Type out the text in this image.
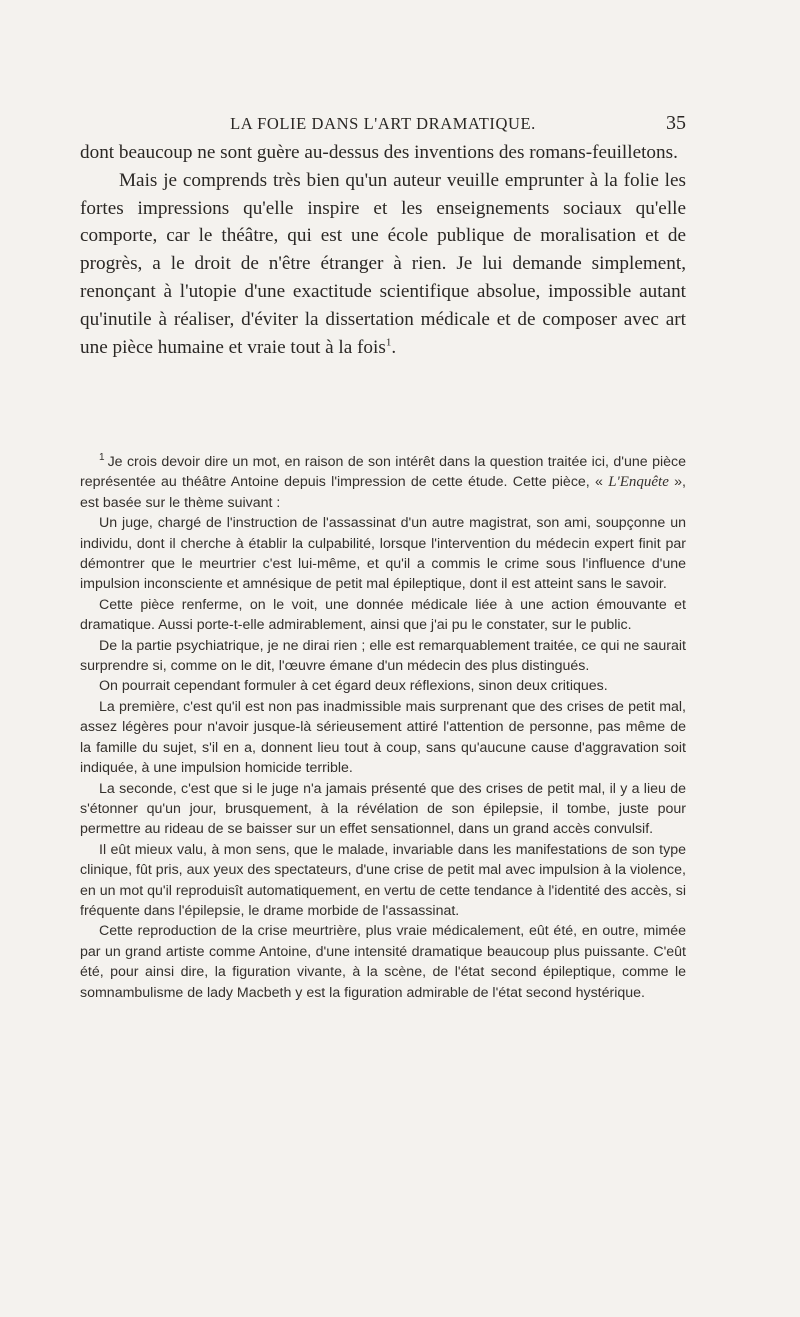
LA FOLIE DANS L'ART DRAMATIQUE.	35

dont beaucoup ne sont guère au-dessus des inventions des romans-feuilletons.

Mais je comprends très bien qu'un auteur veuille emprunter à la folie les fortes impressions qu'elle inspire et les enseignements sociaux qu'elle comporte, car le théâtre, qui est une école publique de moralisation et de progrès, a le droit de n'être étranger à rien. Je lui demande simplement, renonçant à l'utopie d'une exactitude scientifique absolue, impossible autant qu'inutile à réaliser, d'éviter la dissertation médicale et de composer avec art une pièce humaine et vraie tout à la fois$^1$.

$^1$ Je crois devoir dire un mot, en raison de son intérêt dans la question traitée ici, d'une pièce représentée au théâtre Antoine depuis l'impression de cette étude. Cette pièce, « L'Enquête », est basée sur le thème suivant :

Un juge, chargé de l'instruction de l'assassinat d'un autre magistrat, son ami, soupçonne un individu, dont il cherche à établir la culpabilité, lorsque l'intervention du médecin expert finit par démontrer que le meurtrier c'est lui-même, et qu'il a commis le crime sous l'influence d'une impulsion inconsciente et amnésique de petit mal épileptique, dont il est atteint sans le savoir.

Cette pièce renferme, on le voit, une donnée médicale liée à une action émouvante et dramatique. Aussi porte-t-elle admirablement, ainsi que j'ai pu le constater, sur le public.

De la partie psychiatrique, je ne dirai rien ; elle est remarquablement traitée, ce qui ne saurait surprendre si, comme on le dit, l'œuvre émane d'un médecin des plus distingués.

On pourrait cependant formuler à cet égard deux réflexions, sinon deux critiques.

La première, c'est qu'il est non pas inadmissible mais surprenant que des crises de petit mal, assez légères pour n'avoir jusque-là sérieusement attiré l'attention de personne, pas même de la famille du sujet, s'il en a, donnent lieu tout à coup, sans qu'aucune cause d'aggravation soit indiquée, à une impulsion homicide terrible.

La seconde, c'est que si le juge n'a jamais présenté que des crises de petit mal, il y a lieu de s'étonner qu'un jour, brusquement, à la révélation de son épilepsie, il tombe, juste pour permettre au rideau de se baisser sur un effet sensationnel, dans un grand accès convulsif.

Il eût mieux valu, à mon sens, que le malade, invariable dans les manifestations de son type clinique, fût pris, aux yeux des spectateurs, d'une crise de petit mal avec impulsion à la violence, en un mot qu'il reproduisît automatiquement, en vertu de cette tendance à l'identité des accès, si fréquente dans l'épilepsie, le drame morbide de l'assassinat.

Cette reproduction de la crise meurtrière, plus vraie médicalement, eût été, en outre, mimée par un grand artiste comme Antoine, d'une intensité dramatique beaucoup plus puissante. C'eût été, pour ainsi dire, la figuration vivante, à la scène, de l'état second épileptique, comme le somnambulisme de lady Macbeth y est la figuration admirable de l'état second hystérique.
